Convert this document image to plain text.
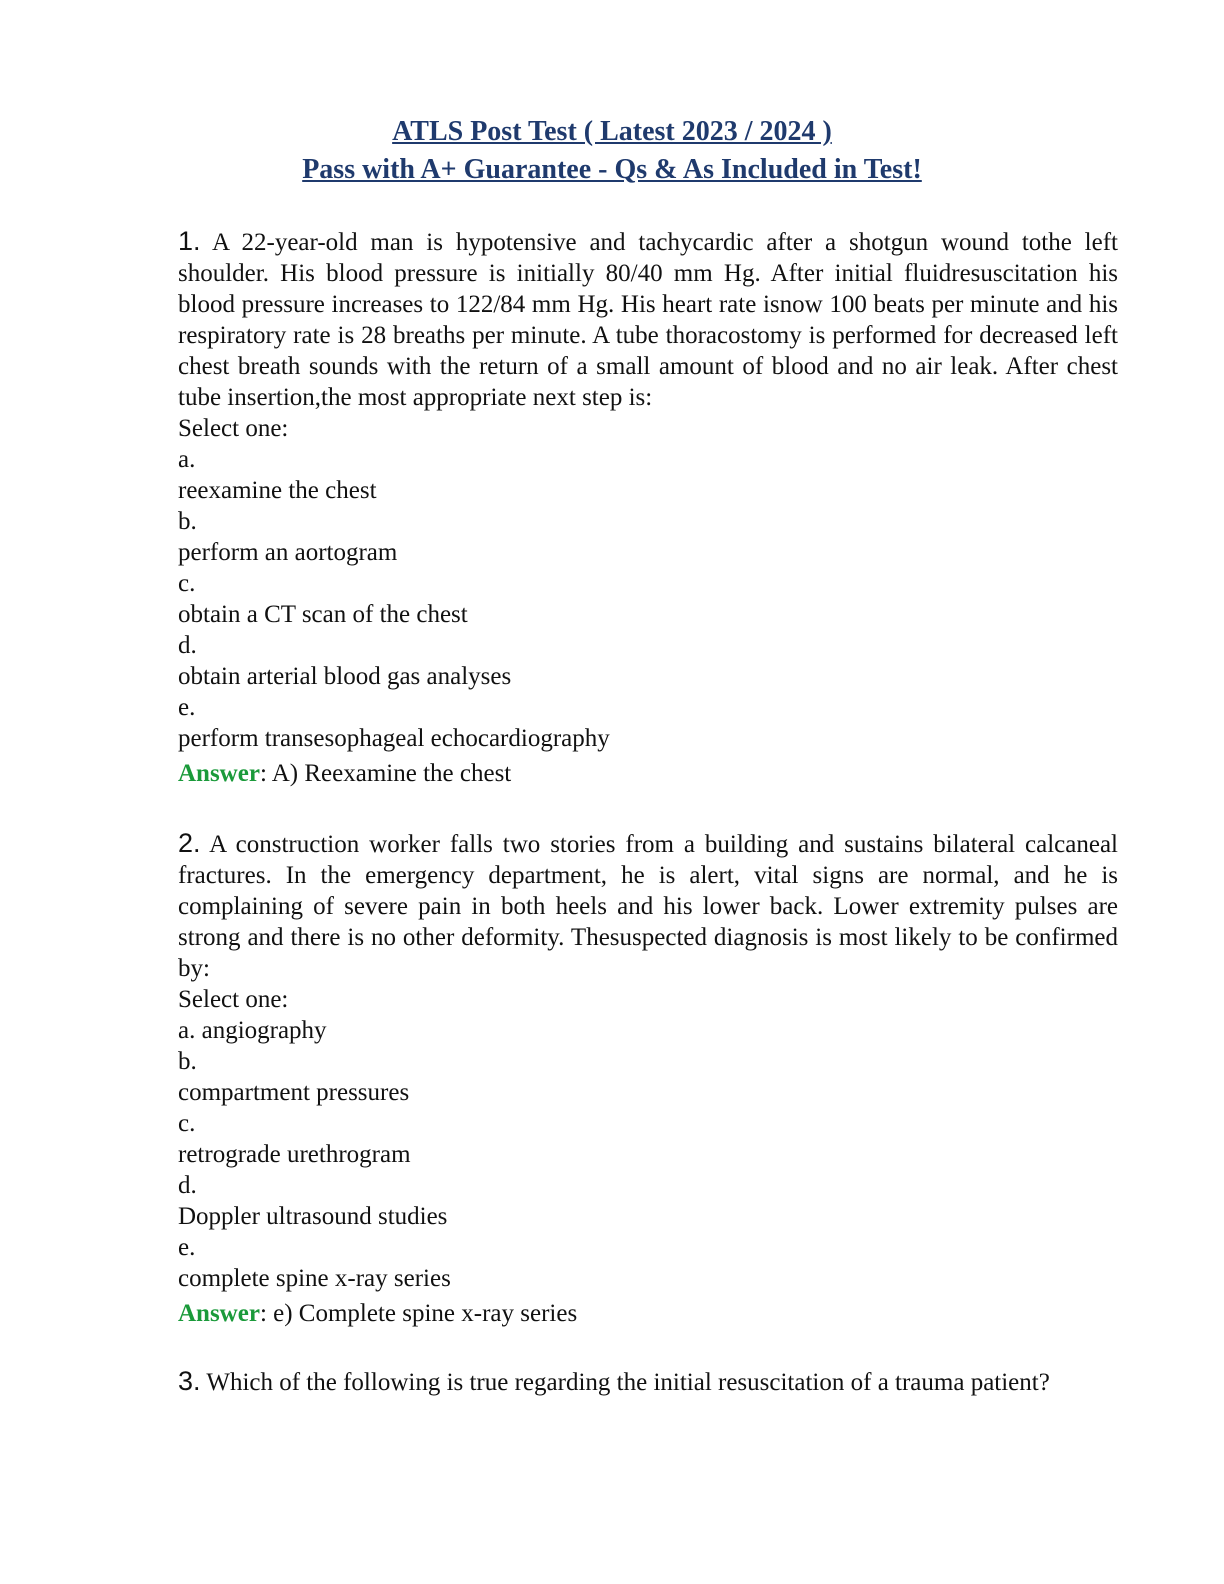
ATLS Post Test ( Latest 2023 / 2024 )
Pass with A+ Guarantee - Qs & As Included in Test!
1. A 22-year-old man is hypotensive and tachycardic after a shotgun wound tothe left shoulder. His blood pressure is initially 80/40 mm Hg. After initial fluidresuscitation his blood pressure increases to 122/84 mm Hg. His heart rate isnow 100 beats per minute and his respiratory rate is 28 breaths per minute. A tube thoracostomy is performed for decreased left chest breath sounds with the return of a small amount of blood and no air leak. After chest tube insertion,the most appropriate next step is:
Select one:
a.
reexamine the chest
b.
perform an aortogram
c.
obtain a CT scan of the chest
d.
obtain arterial blood gas analyses
e.
perform transesophageal echocardiography
Answer: A) Reexamine the chest
2. A construction worker falls two stories from a building and sustains bilateral calcaneal fractures. In the emergency department, he is alert, vital signs are normal, and he is complaining of severe pain in both heels and his lower back. Lower extremity pulses are strong and there is no other deformity. Thesuspected diagnosis is most likely to be confirmed by:
Select one:
a. angiography
b.
compartment pressures
c.
retrograde urethrogram
d.
Doppler ultrasound studies
e.
complete spine x-ray series
Answer: e) Complete spine x-ray series
3. Which of the following is true regarding the initial resuscitation of a trauma patient?
